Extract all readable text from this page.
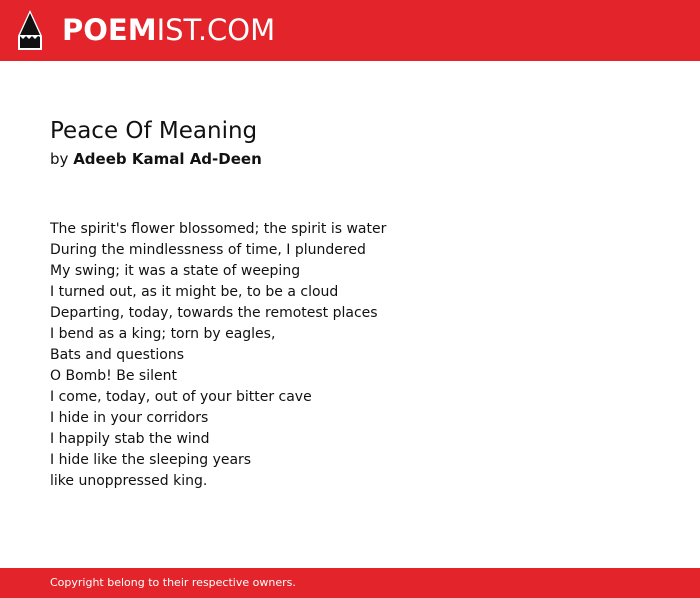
POEMIST.COM
Peace Of Meaning
by Adeeb Kamal Ad-Deen
The spirit's flower blossomed; the spirit is water
During the mindlessness of time, I plundered
My swing; it was a state of weeping
I turned out, as it might be, to be a cloud
Departing, today, towards the remotest places
I bend as a king; torn by eagles,
Bats and questions
O Bomb! Be silent
I come, today, out of your bitter cave
I hide in your corridors
I happily stab the wind
I hide like the sleeping years
like unoppressed king.
Copyright belong to their respective owners.
